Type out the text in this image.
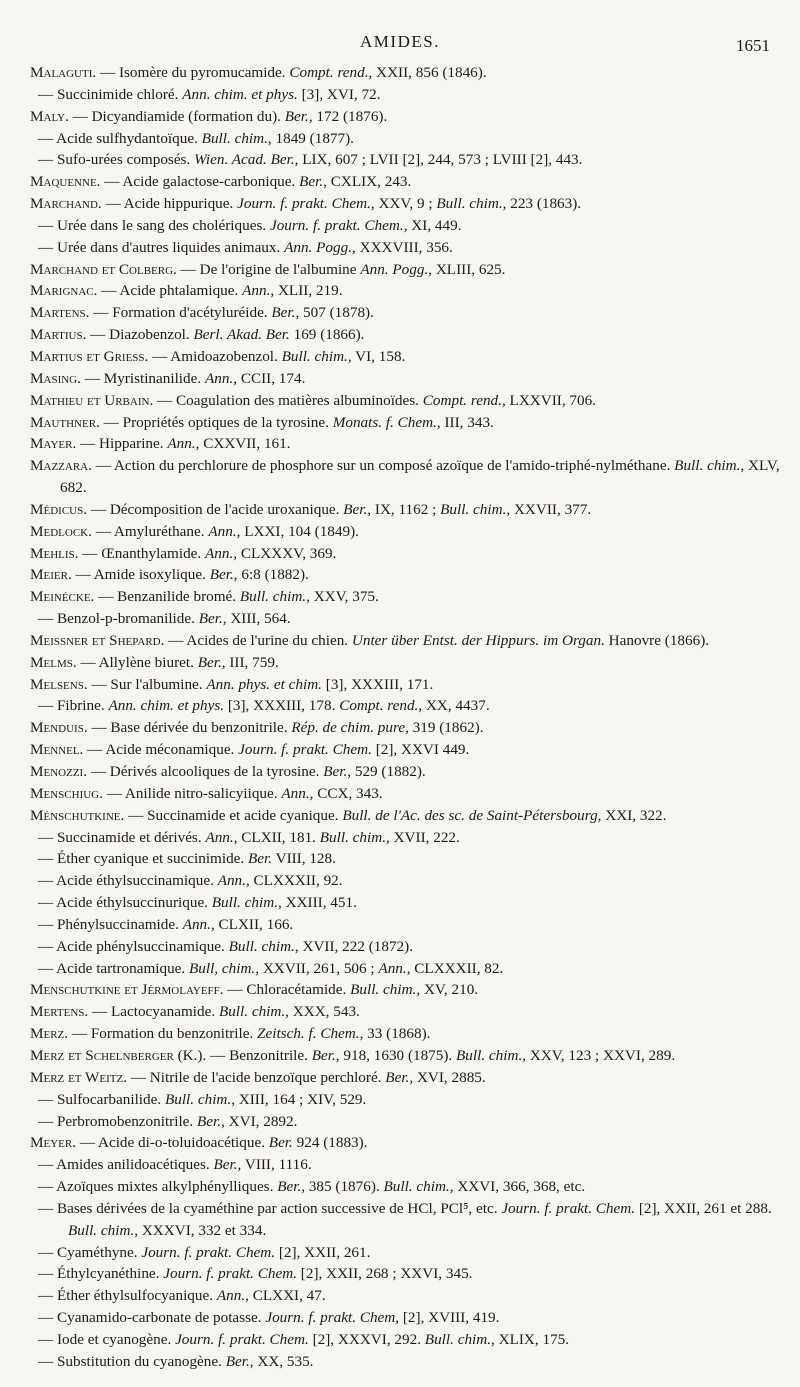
AMIDES.	1651
Malaguti. — Isomère du pyromucamide. Compt. rend., XXII, 856 (1846).
— Succinimide chloré. Ann. chim. et phys. [3], XVI, 72.
Maly. — Dicyandiamide (formation du). Ber., 172 (1876).
— Acide sulfhydantoïque. Bull. chim., 1849 (1877).
— Sufo-urées composés. Wien. Acad. Ber., LIX, 607 ; LVII [2], 244, 573 ; LVIII [2], 443.
Maquenne. — Acide galactose-carbonique. Ber., CXLIX, 243.
Marchand. — Acide hippurique. Journ. f. prakt. Chem., XXV, 9 ; Bull. chim., 223 (1863).
— Urée dans le sang des cholériques. Journ. f. prakt. Chem., XI, 449.
— Urée dans d'autres liquides animaux. Ann. Pogg., XXXVIII, 356.
Marchand et Colberg. — De l'origine de l'albumine Ann. Pogg., XLIII, 625.
Marignac. — Acide phtalamique. Ann., XLII, 219.
Martens. — Formation d'acétyluréide. Ber., 507 (1878).
Martius. — Diazobenzol. Berl. Akad. Ber. 169 (1866).
Martius et Griess. — Amidoazobenzol. Bull. chim., VI, 158.
Masing. — Myristinanilide. Ann., CCII, 174.
Mathieu et Urbain. — Coagulation des matières albuminoïdes. Compt. rend., LXXVII, 706.
Mauthner. — Propriétés optiques de la tyrosine. Monats. f. Chem., III, 343.
Mayer. — Hipparine. Ann., CXXVII, 161.
Mazzara. — Action du perchlorure de phosphore sur un composé azoïque de l'amido-triphé-nylméthane. Bull. chim., XLV, 682.
Médicus. — Décomposition de l'acide uroxanique. Ber., IX, 1162 ; Bull. chim., XXVII, 377.
Medlock. — Amyluréthane. Ann., LXXI, 104 (1849).
Mehlis. — Œnanthylamide. Ann., CLXXXV, 369.
Meier. — Amide isoxylique. Ber., 6:8 (1882).
Meinécke. — Benzanilide bromé. Bull. chim., XXV, 375.
— Benzol-p-bromanilide. Ber., XIII, 564.
Meissner et Shepard. — Acides de l'urine du chien. Unter über Entst. der Hippurs. im Organ. Hanovre (1866).
Melms. — Allylène biuret. Ber., III, 759.
Melsens. — Sur l'albumine. Ann. phys. et chim. [3], XXXIII, 171.
— Fibrine. Ann. chim. et phys. [3], XXXIII, 178. Compt. rend., XX, 4437.
Menduis. — Base dérivée du benzonitrile. Rép. de chim. pure, 319 (1862).
Mennel. — Acide méconamique. Journ. f. prakt. Chem. [2], XXVI 449.
Menozzi. — Dérivés alcooliques de la tyrosine. Ber., 529 (1882).
Menschiug. — Anilide nitro-salicyiique. Ann., CCX, 343.
Ménschutkine. — Succinamide et acide cyanique. Bull. de l'Ac. des sc. de Saint-Pétersbourg, XXI, 322.
— Succinamide et dérivés. Ann., CLXII, 181. Bull. chim., XVII, 222.
— Éther cyanique et succinimide. Ber. VIII, 128.
— Acide éthylsuccinamique. Ann., CLXXXII, 92.
— Acide éthylsuccinurique. Bull. chim., XXIII, 451.
— Phénylsuccinamide. Ann., CLXII, 166.
— Acide phénylsuccinamique. Bull. chim., XVII, 222 (1872).
— Acide tartronamique. Bull, chim., XXVII, 261, 506 ; Ann., CLXXXII, 82.
Menschutkine et Jérmolayeff. — Chloracétamide. Bull. chim., XV, 210.
Mertens. — Lactocyanamide. Bull. chim., XXX, 543.
Merz. — Formation du benzonitrile. Zeitsch. f. Chem., 33 (1868).
Merz et Schelnberger (K.). — Benzonitrile. Ber., 918, 1630 (1875). Bull. chim., XXV, 123 ; XXVI, 289.
Merz et Weitz. — Nitrile de l'acide benzoïque perchloré. Ber., XVI, 2885.
— Sulfocarbanilide. Bull. chim., XIII, 164 ; XIV, 529.
— Perbromobenzonitrile. Ber., XVI, 2892.
Meyer. — Acide di-o-toluidoacétique. Ber. 924 (1883).
— Amides anilidoacétiques. Ber., VIII, 1116.
— Azoïques mixtes alkylphénylliques. Ber., 385 (1876). Bull. chim., XXVI, 366, 368, etc.
— Bases dérivées de la cyaméthine par action successive de HCl, PCl⁵, etc. Journ. f. prakt. Chem. [2], XXII, 261 et 288. Bull. chim., XXXVI, 332 et 334.
— Cyaméthyne. Journ. f. prakt. Chem. [2], XXII, 261.
— Éthylcyanéthine. Journ. f. prakt. Chem. [2], XXII, 268 ; XXVI, 345.
— Éther éthylsulfocyanique. Ann., CLXXI, 47.
— Cyanamido-carbonate de potasse. Journ. f. prakt. Chem, [2], XVIII, 419.
— Iode et cyanogène. Journ. f. prakt. Chem. [2], XXXVI, 292. Bull. chim., XLIX, 175.
— Substitution du cyanogène. Ber., XX, 535.
